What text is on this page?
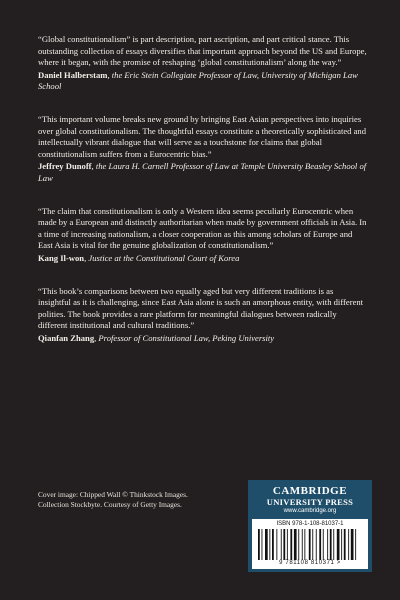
“Global constitutionalism” is part description, part ascription, and part critical stance. This outstanding collection of essays diversifies that important approach beyond the US and Europe, where it began, with the promise of reshaping ‘global constitutionalism’ along the way.”

Daniel Halberstam, the Eric Stein Collegiate Professor of Law, University of Michigan Law School

“This important volume breaks new ground by bringing East Asian perspectives into inquiries over global constitutionalism. The thoughtful essays constitute a theoretically sophisticated and intellectually vibrant dialogue that will serve as a touchstone for claims that global constitutionalism suffers from a Eurocentric bias.”

Jeffrey Dunoff, the Laura H. Carnell Professor of Law at Temple University Beasley School of Law

“The claim that constitutionalism is only a Western idea seems peculiarly Eurocentric when made by a European and distinctly authoritarian when made by government officials in Asia. In a time of increasing nationalism, a closer cooperation as this among scholars of Europe and East Asia is vital for the genuine globalization of constitutionalism.”

Kang Il-won, Justice at the Constitutional Court of Korea

“This book’s comparisons between two equally aged but very different traditions is as insightful as it is challenging, since East Asia alone is such an amorphous entity, with different polities. The book provides a rare platform for meaningful dialogues between radically different institutional and cultural traditions.”

Qianfan Zhang, Professor of Constitutional Law, Peking University

Cover image: Chipped Wall © Thinkstock Images. Collection Stockbyte. Courtesy of Getty Images.
CAMBRIDGE
UNIVERSITY PRESS
www.cambridge.org
ISBN 978-1-108-81037-1
9 781108 810371 >
